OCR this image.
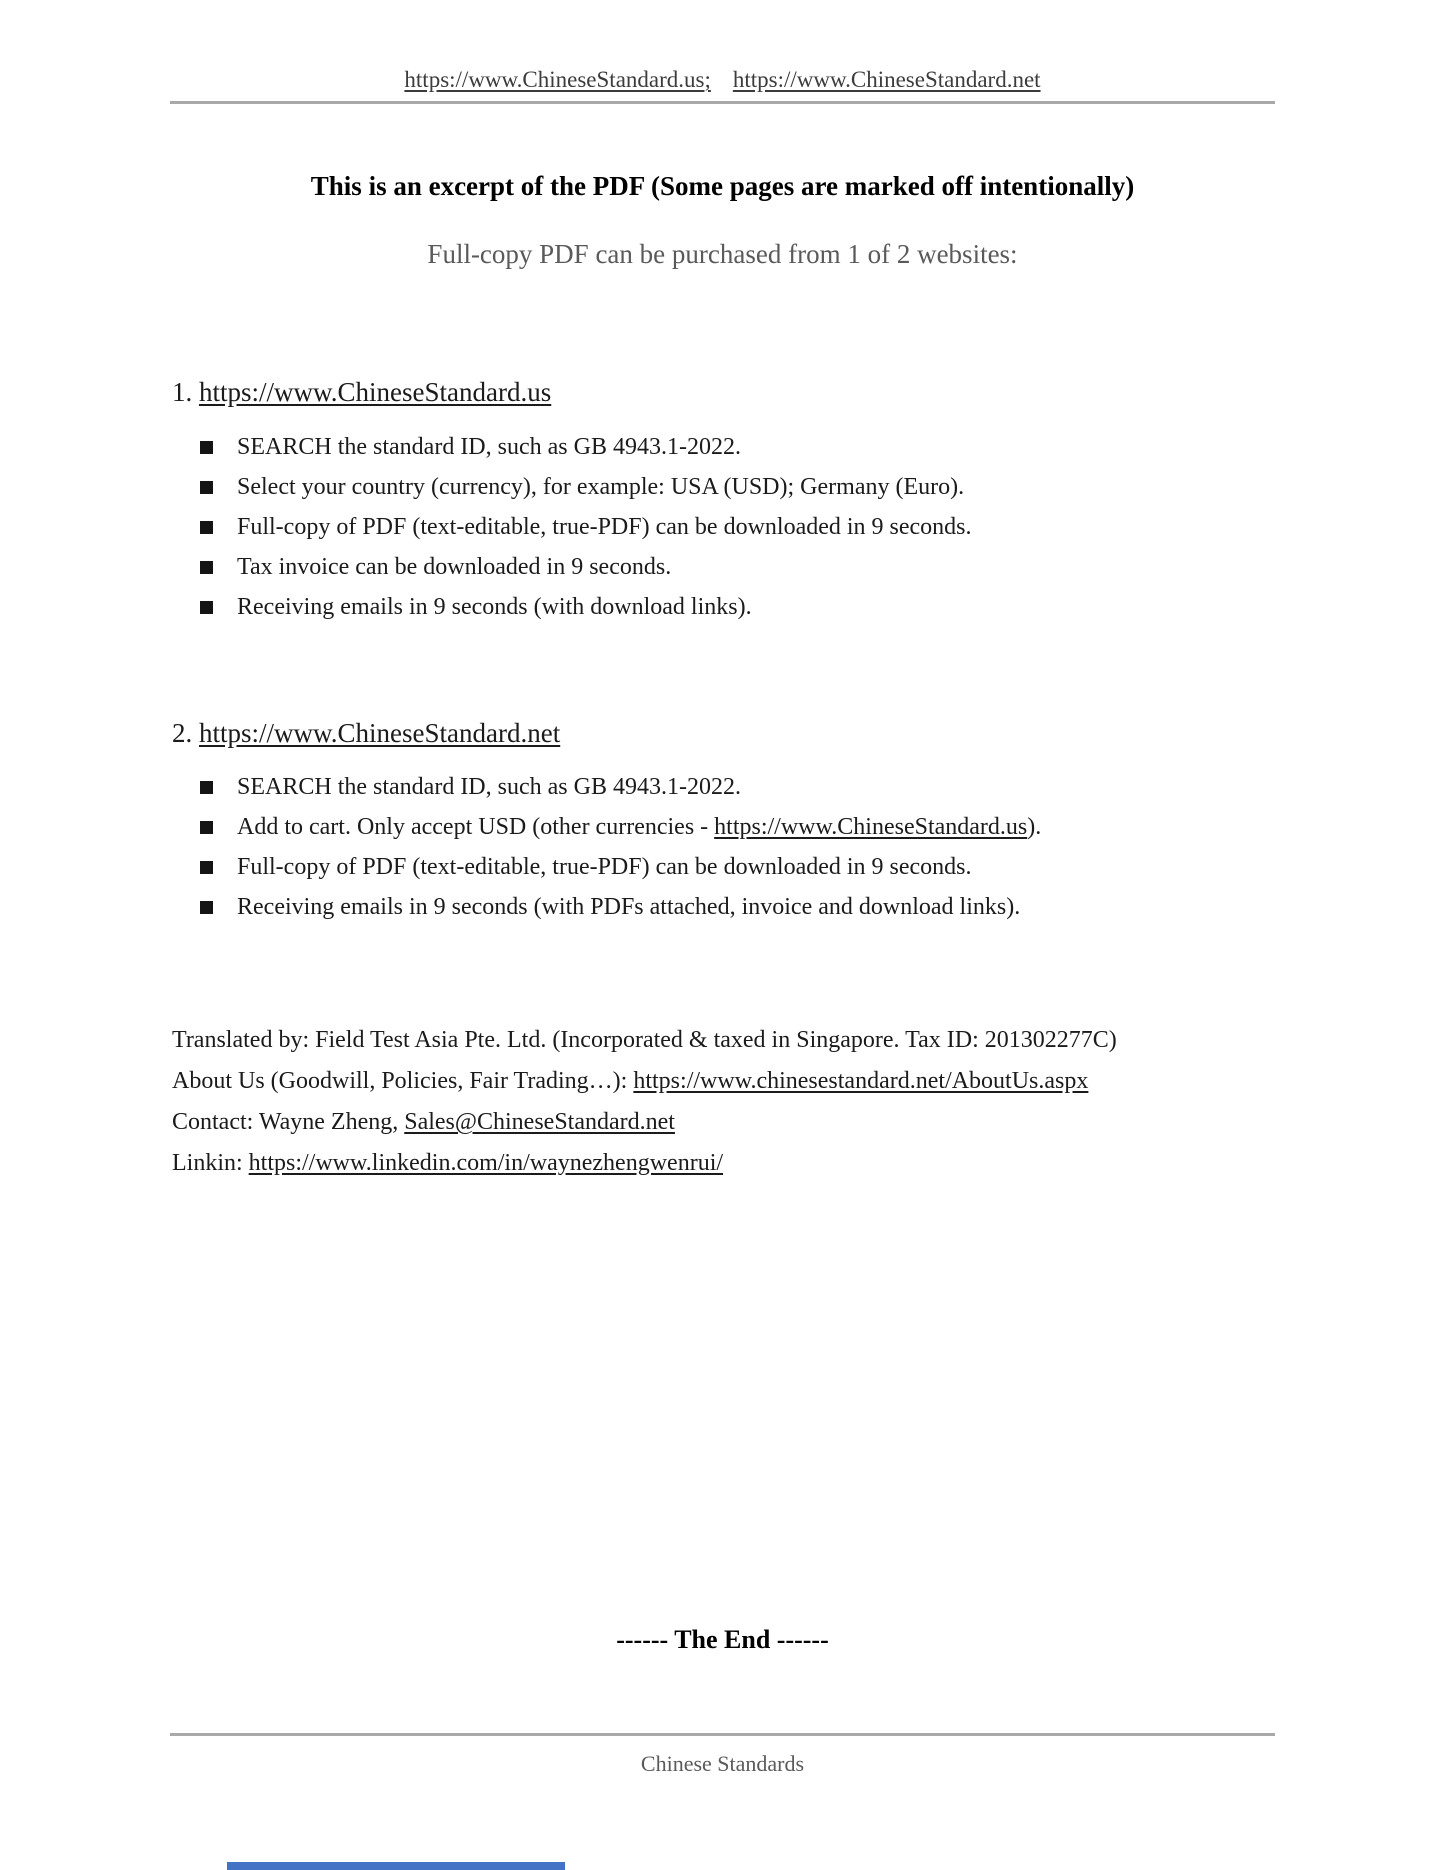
https://www.ChineseStandard.us; https://www.ChineseStandard.net
This is an excerpt of the PDF (Some pages are marked off intentionally)
Full-copy PDF can be purchased from 1 of 2 websites:
1. https://www.ChineseStandard.us
SEARCH the standard ID, such as GB 4943.1-2022.
Select your country (currency), for example: USA (USD); Germany (Euro).
Full-copy of PDF (text-editable, true-PDF) can be downloaded in 9 seconds.
Tax invoice can be downloaded in 9 seconds.
Receiving emails in 9 seconds (with download links).
2. https://www.ChineseStandard.net
SEARCH the standard ID, such as GB 4943.1-2022.
Add to cart. Only accept USD (other currencies - https://www.ChineseStandard.us).
Full-copy of PDF (text-editable, true-PDF) can be downloaded in 9 seconds.
Receiving emails in 9 seconds (with PDFs attached, invoice and download links).
Translated by: Field Test Asia Pte. Ltd. (Incorporated & taxed in Singapore. Tax ID: 201302277C)
About Us (Goodwill, Policies, Fair Trading…): https://www.chinesestandard.net/AboutUs.aspx
Contact: Wayne Zheng, Sales@ChineseStandard.net
Linkin: https://www.linkedin.com/in/waynezhengwenrui/
------ The End ------
Chinese Standards
